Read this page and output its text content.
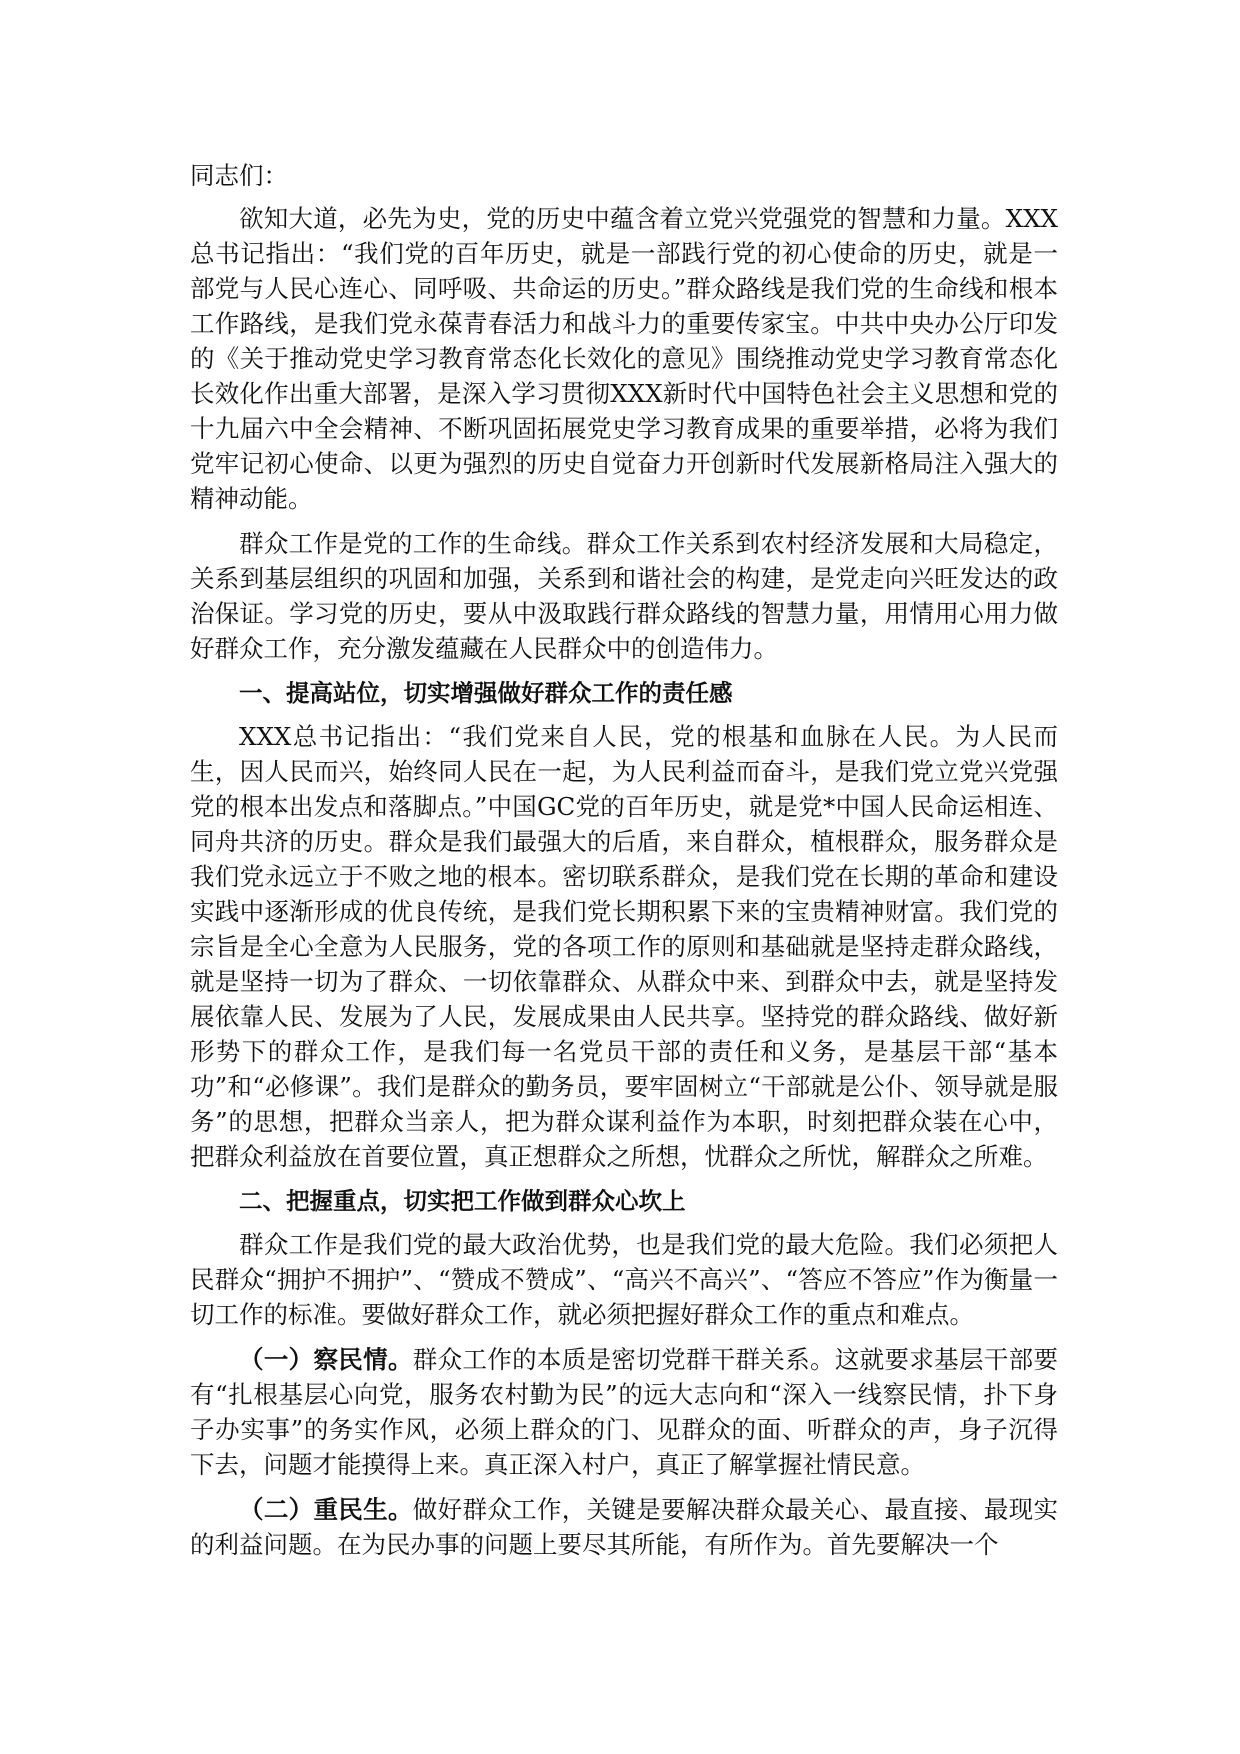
同志们：

欲知大道，必先为史，党的历史中蕴含着立党兴党强党的智慧和力量。XXX总书记指出：“我们党的百年历史，就是一部践行党的初心使命的历史，就是一部党与人民心连心、同呼吸、共命运的历史。”群众路线是我们党的生命线和根本工作路线，是我们党永葆青春活力和战斗力的重要传家宝。中共中央办公厅印发的《关于推动党史学习教育常态化长效化的意见》围绕推动党史学习教育常态化长效化作出重大部署，是深入学习贯彻XXX新时代中国特色社会主义思想和党的十九届六中全会精神、不断巩固拓展党史学习教育成果的重要举措，必将为我们党牢记初心使命、以更为强烈的历史自觉奋力开创新时代发展新格局注入强大的精神动能。

群众工作是党的工作的生命线。群众工作关系到农村经济发展和大局稳定，关系到基层组织的巩固和加强，关系到和谐社会的构建，是党走向兴旺发达的政治保证。学习党的历史，要从中汲取践行群众路线的智慧力量，用情用心用力做好群众工作，充分激发蕴藏在人民群众中的创造伟力。

一、提高站位，切实增强做好群众工作的责任感

XXX总书记指出：“我们党来自人民，党的根基和血脉在人民。为人民而生，因人民而兴，始终同人民在一起，为人民利益而奋斗，是我们党立党兴党强党的根本出发点和落脚点。”中国GC党的百年历史，就是党*中国人民命运相连、同舟共济的历史。群众是我们最强大的后盾，来自群众，植根群众，服务群众是我们党永远立于不败之地的根本。密切联系群众，是我们党在长期的革命和建设实践中逐渐形成的优良传统，是我们党长期积累下来的宝贵精神财富。我们党的宗旨是全心全意为人民服务，党的各项工作的原则和基础就是坚持走群众路线，就是坚持一切为了群众、一切依靠群众、从群众中来、到群众中去，就是坚持发展依靠人民、发展为了人民，发展成果由人民共享。坚持党的群众路线、做好新形势下的群众工作，是我们每一名党员干部的责任和义务，是基层干部“基本功”和“必修课”。我们是群众的勤务员，要牢固树立“干部就是公仆、领导就是服务”的思想，把群众当亲人，把为群众谋利益作为本职，时刻把群众装在心中，把群众利益放在首要位置，真正想群众之所想，忧群众之所忧，解群众之所难。

二、把握重点，切实把工作做到群众心坎上

群众工作是我们党的最大政治优势，也是我们党的最大危险。我们必须把人民群众“拥护不拥护”、“赞成不赞成”、“高兴不高兴”、“答应不答应”作为衡量一切工作的标准。要做好群众工作，就必须把握好群众工作的重点和难点。

（一）察民情。群众工作的本质是密切党群干群关系。这就要求基层干部要有“扎根基层心向党，服务农村勤为民”的远大志向和“深入一线察民情，扑下身子办实事”的务实作风，必须上群众的门、见群众的面、听群众的声，身子沉得下去，问题才能摸得上来。真正深入村户，真正了解掌握社情民意。

（二）重民生。做好群众工作，关键是要解决群众最关心、最直接、最现实的利益问题。在为民办事的问题上要尽其所能，有所作为。首先要解决一个
